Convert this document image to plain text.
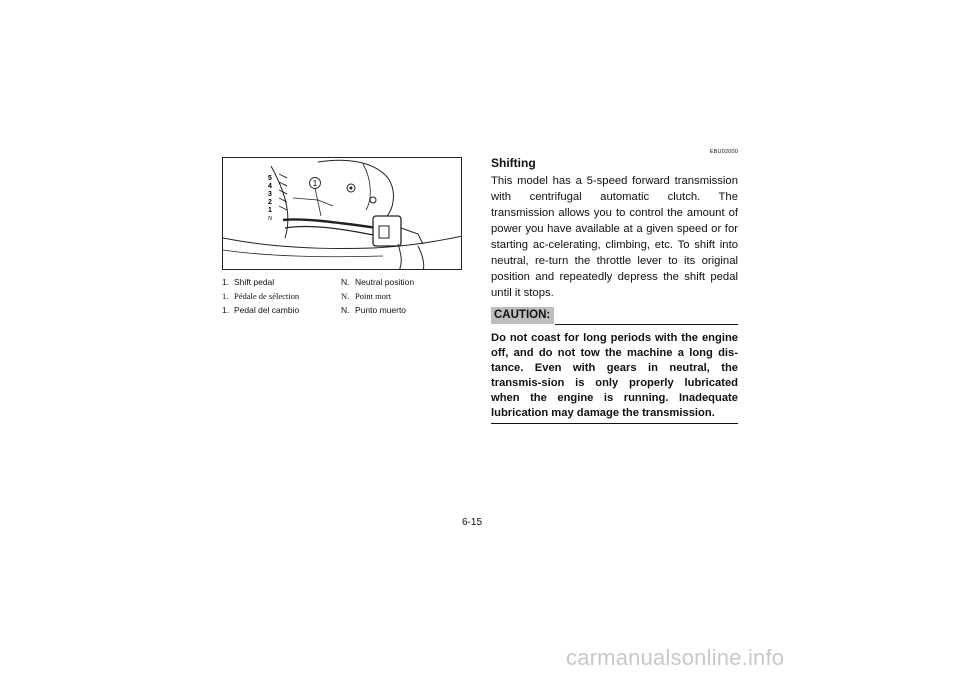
1
5
4
3
2
1
N
1. Shift pedal	N. Neutral position
1. Pédale de sélection	N. Point mort
1. Pedal del cambio	N. Punto muerto
EBU02000
Shifting

This model has a 5-speed forward transmission with centrifugal automatic clutch. The transmission allows you to control the amount of power you have available at a given speed or for starting ac-celerating, climbing, etc. To shift into neutral, re-turn the throttle lever to its original position and repeatedly depress the shift pedal until it stops.

CAUTION:
Do not coast for long periods with the engine off, and do not tow the machine a long dis-tance. Even with gears in neutral, the transmis-sion is only properly lubricated when the engine is running. Inadequate lubrication may damage the transmission.
6-15
carmanualsonline.info
